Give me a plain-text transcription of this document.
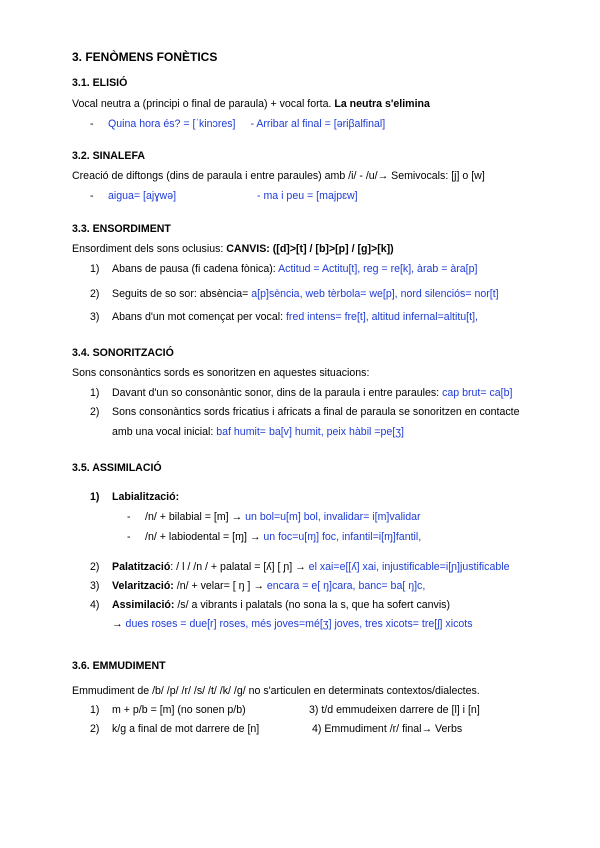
3. FENÒMENS FONÈTICS
3.1. ELISIÓ
Vocal neutra a (principi o final de paraula) + vocal forta. La neutra s'elimina
- Quina hora és? = [ˈkinɔres] - Arribar al final = [əriβalfinal]
3.2. SINALEFA
Creació de diftongs (dins de paraula i entre paraules) amb /i/ - /u/→ Semivocals: [j] o [w]
- aigua= [ajɣwə]	- ma i peu = [majpɛw]
3.3. ENSORDIMENT
Ensordiment dels sons oclusius: CANVIS: ([d]>[t] / [b]>[p] / [g]>[k])
1) Abans de pausa (fi cadena fònica): Actitud = Actitu[t], reg = re[k], àrab = àra[p]
2) Seguits de so sor: absència= a[p]sència, web tèrbola= we[p], nord silenciós= nor[t]
3) Abans d'un mot començat per vocal: fred intens= fre[t], altitud infernal=altitu[t],
3.4. SONORITZACIÓ
Sons consonàntics sords es sonoritzen en aquestes situacions:
1) Davant d'un so consonàntic sonor, dins de la paraula i entre paraules: cap brut= ca[b]
2) Sons consonàntics sords fricatius i africats a final de paraula se sonoritzen en contacte
amb una vocal inicial: baf humit= ba[v] humit, peix hàbil =pe[ʒ]
3.5. ASSIMILACIÓ
1) Labialització:
- /n/ + bilabial = [m] → un bol=u[m] bol, invalidar= i[m]validar
- /n/ + labiodental = [ɱ] → un foc=u[ɱ] foc, infantil=i[ɱ]fantil,
2) Palatització: / l / /n / + palatal = [ʎ] [ ɲ] → el xai=e[[ʎ] xai, injustificable=i[ɲ]justificable
3) Velarització: /n/ + velar= [ ŋ ] → encara = e[ ŋ]cara, banc= ba[ ŋ]c,
4) Assimilació: /s/ a vibrants i palatals (no sona la s, que ha sofert canvis)
→ dues roses = due[r] roses, més joves=mé[ʒ] joves, tres xicots= tre[ʃ] xicots
3.6. EMMUDIMENT
Emmudiment de /b/ /p/ /r/ /s/ /t/ /k/ /g/ no s'articulen en determinats contextos/dialectes.
1) m + p/b = [m] (no sonen p/b)	3) t/d emmudeixen darrere de [l] i [n]
2) k/g a final de mot darrere de [n]	4) Emmudiment /r/ final→ Verbs
